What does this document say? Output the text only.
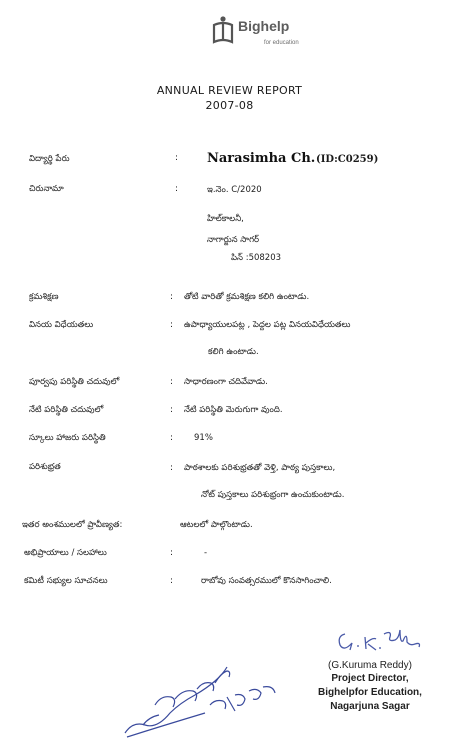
Bighelp
for education
ANNUAL REVIEW REPORT
2007-08
విద్యార్థి పేరు	: Narasimha Ch. (ID:C0259)
చిరునామా	:	ఇ.నెం. C/2020
హిల్‌కాలనీ,
నాగార్జున సాగర్
పిన్ :508203
క్రమశిక్షణ	: తోటి వారితో క్రమశిక్షణ కలిగి ఉంటాడు.
వినయ విధేయతలు	: ఉపాధ్యాయులపట్ల , పెద్దల పట్ల వినయవిధేయతలు
కలిగి ఉంటాడు.
పూర్వపు పరిస్థితి చదువులో	: సాధారణంగా చదివేవాడు.
నేటి పరిస్థితి చదువులో	: నేటి పరిస్థితి మెరుగుగా వుంది.
స్కూలు హాజరు పరిస్థితి	: 91%
పరిశుభ్రత	: పాఠశాలకు పరిశుభ్రతతో వెళ్తి, పాఠ్య పుస్తకాలు,
నోట్ పుస్తకాలు పరిశుభ్రంగా ఉంచుకుంటాడు.
ఇతర అంశములలో ప్రావీణ్యత:	ఆటలలో పాల్గొంటాడు.
అభిప్రాయాలు / సలహాలు	:	-
కమిటీ సభ్యుల సూచనలు	:	రాబోవు సంవత్సరములో కొనసాగించాలి.
(G.Kuruma Reddy)
Project Director,
Bighelpfor Education,
Nagarjuna Sagar
